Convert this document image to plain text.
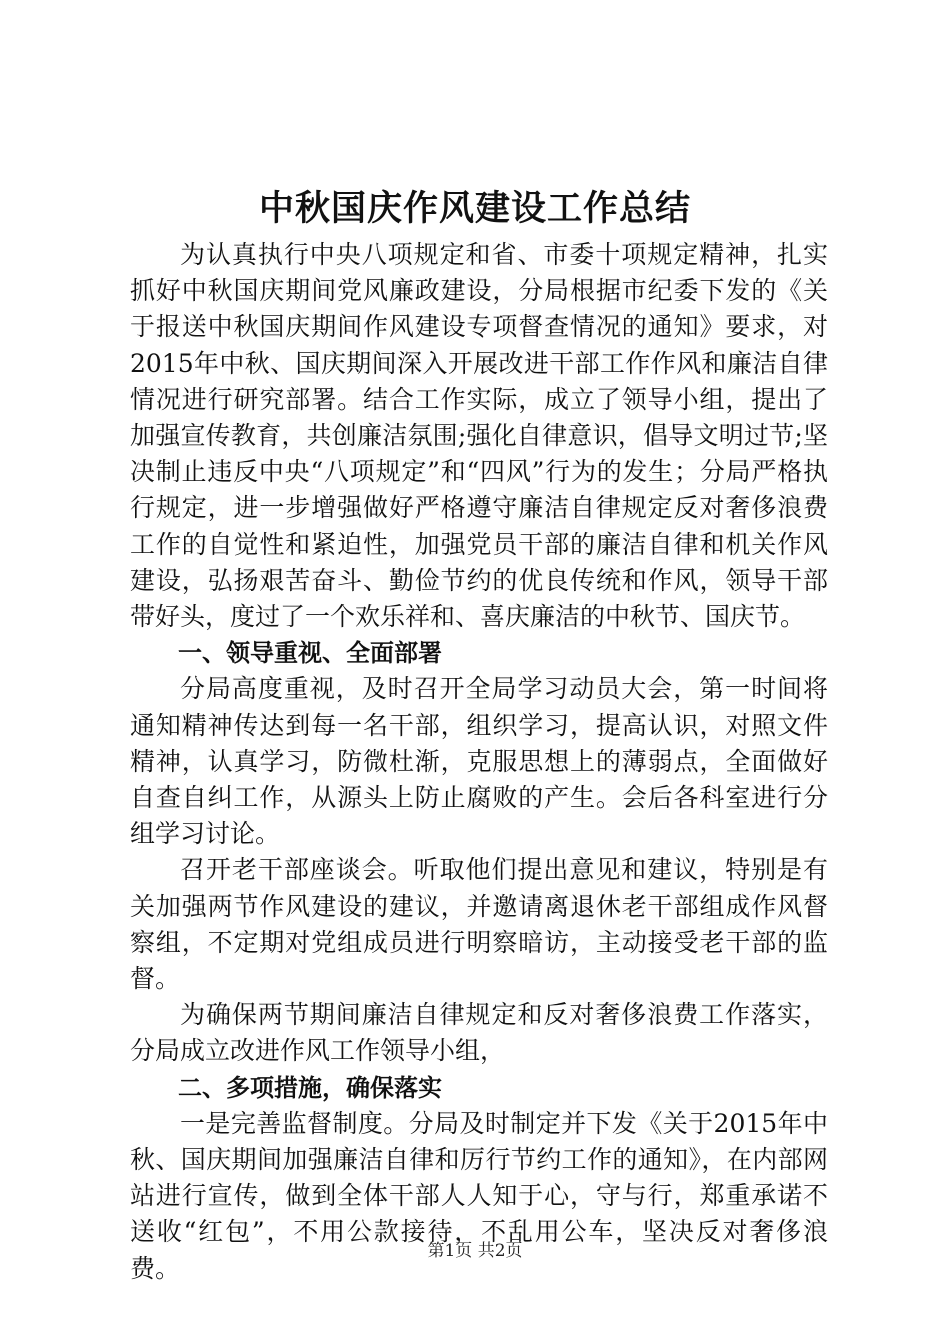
中秋国庆作风建设工作总结

为认真执行中央八项规定和省、市委十项规定精神，扎实抓好中秋国庆期间党风廉政建设，分局根据市纪委下发的《关于报送中秋国庆期间作风建设专项督查情况的通知》要求，对2015年中秋、国庆期间深入开展改进干部工作作风和廉洁自律情况进行研究部署。结合工作实际，成立了领导小组，提出了加强宣传教育，共创廉洁氛围;强化自律意识，倡导文明过节;坚决制止违反中央“八项规定”和“四风”行为的发生；分局严格执行规定，进一步增强做好严格遵守廉洁自律规定反对奢侈浪费工作的自觉性和紧迫性，加强党员干部的廉洁自律和机关作风建设，弘扬艰苦奋斗、勤俭节约的优良传统和作风，领导干部带好头，度过了一个欢乐祥和、喜庆廉洁的中秋节、国庆节。

一、领导重视、全面部署

分局高度重视，及时召开全局学习动员大会，第一时间将通知精神传达到每一名干部，组织学习，提高认识，对照文件精神，认真学习，防微杜渐，克服思想上的薄弱点，全面做好自查自纠工作，从源头上防止腐败的产生。会后各科室进行分组学习讨论。

召开老干部座谈会。听取他们提出意见和建议，特别是有关加强两节作风建设的建议，并邀请离退休老干部组成作风督察组，不定期对党组成员进行明察暗访，主动接受老干部的监督。

为确保两节期间廉洁自律规定和反对奢侈浪费工作落实，分局成立改进作风工作领导小组，

二、多项措施，确保落实

一是完善监督制度。分局及时制定并下发《关于2015年中秋、国庆期间加强廉洁自律和厉行节约工作的通知》，在内部网站进行宣传，做到全体干部人人知于心，守与行，郑重承诺不送收“红包”，不用公款接待，不乱用公车，坚决反对奢侈浪费。

第1页 共2页
